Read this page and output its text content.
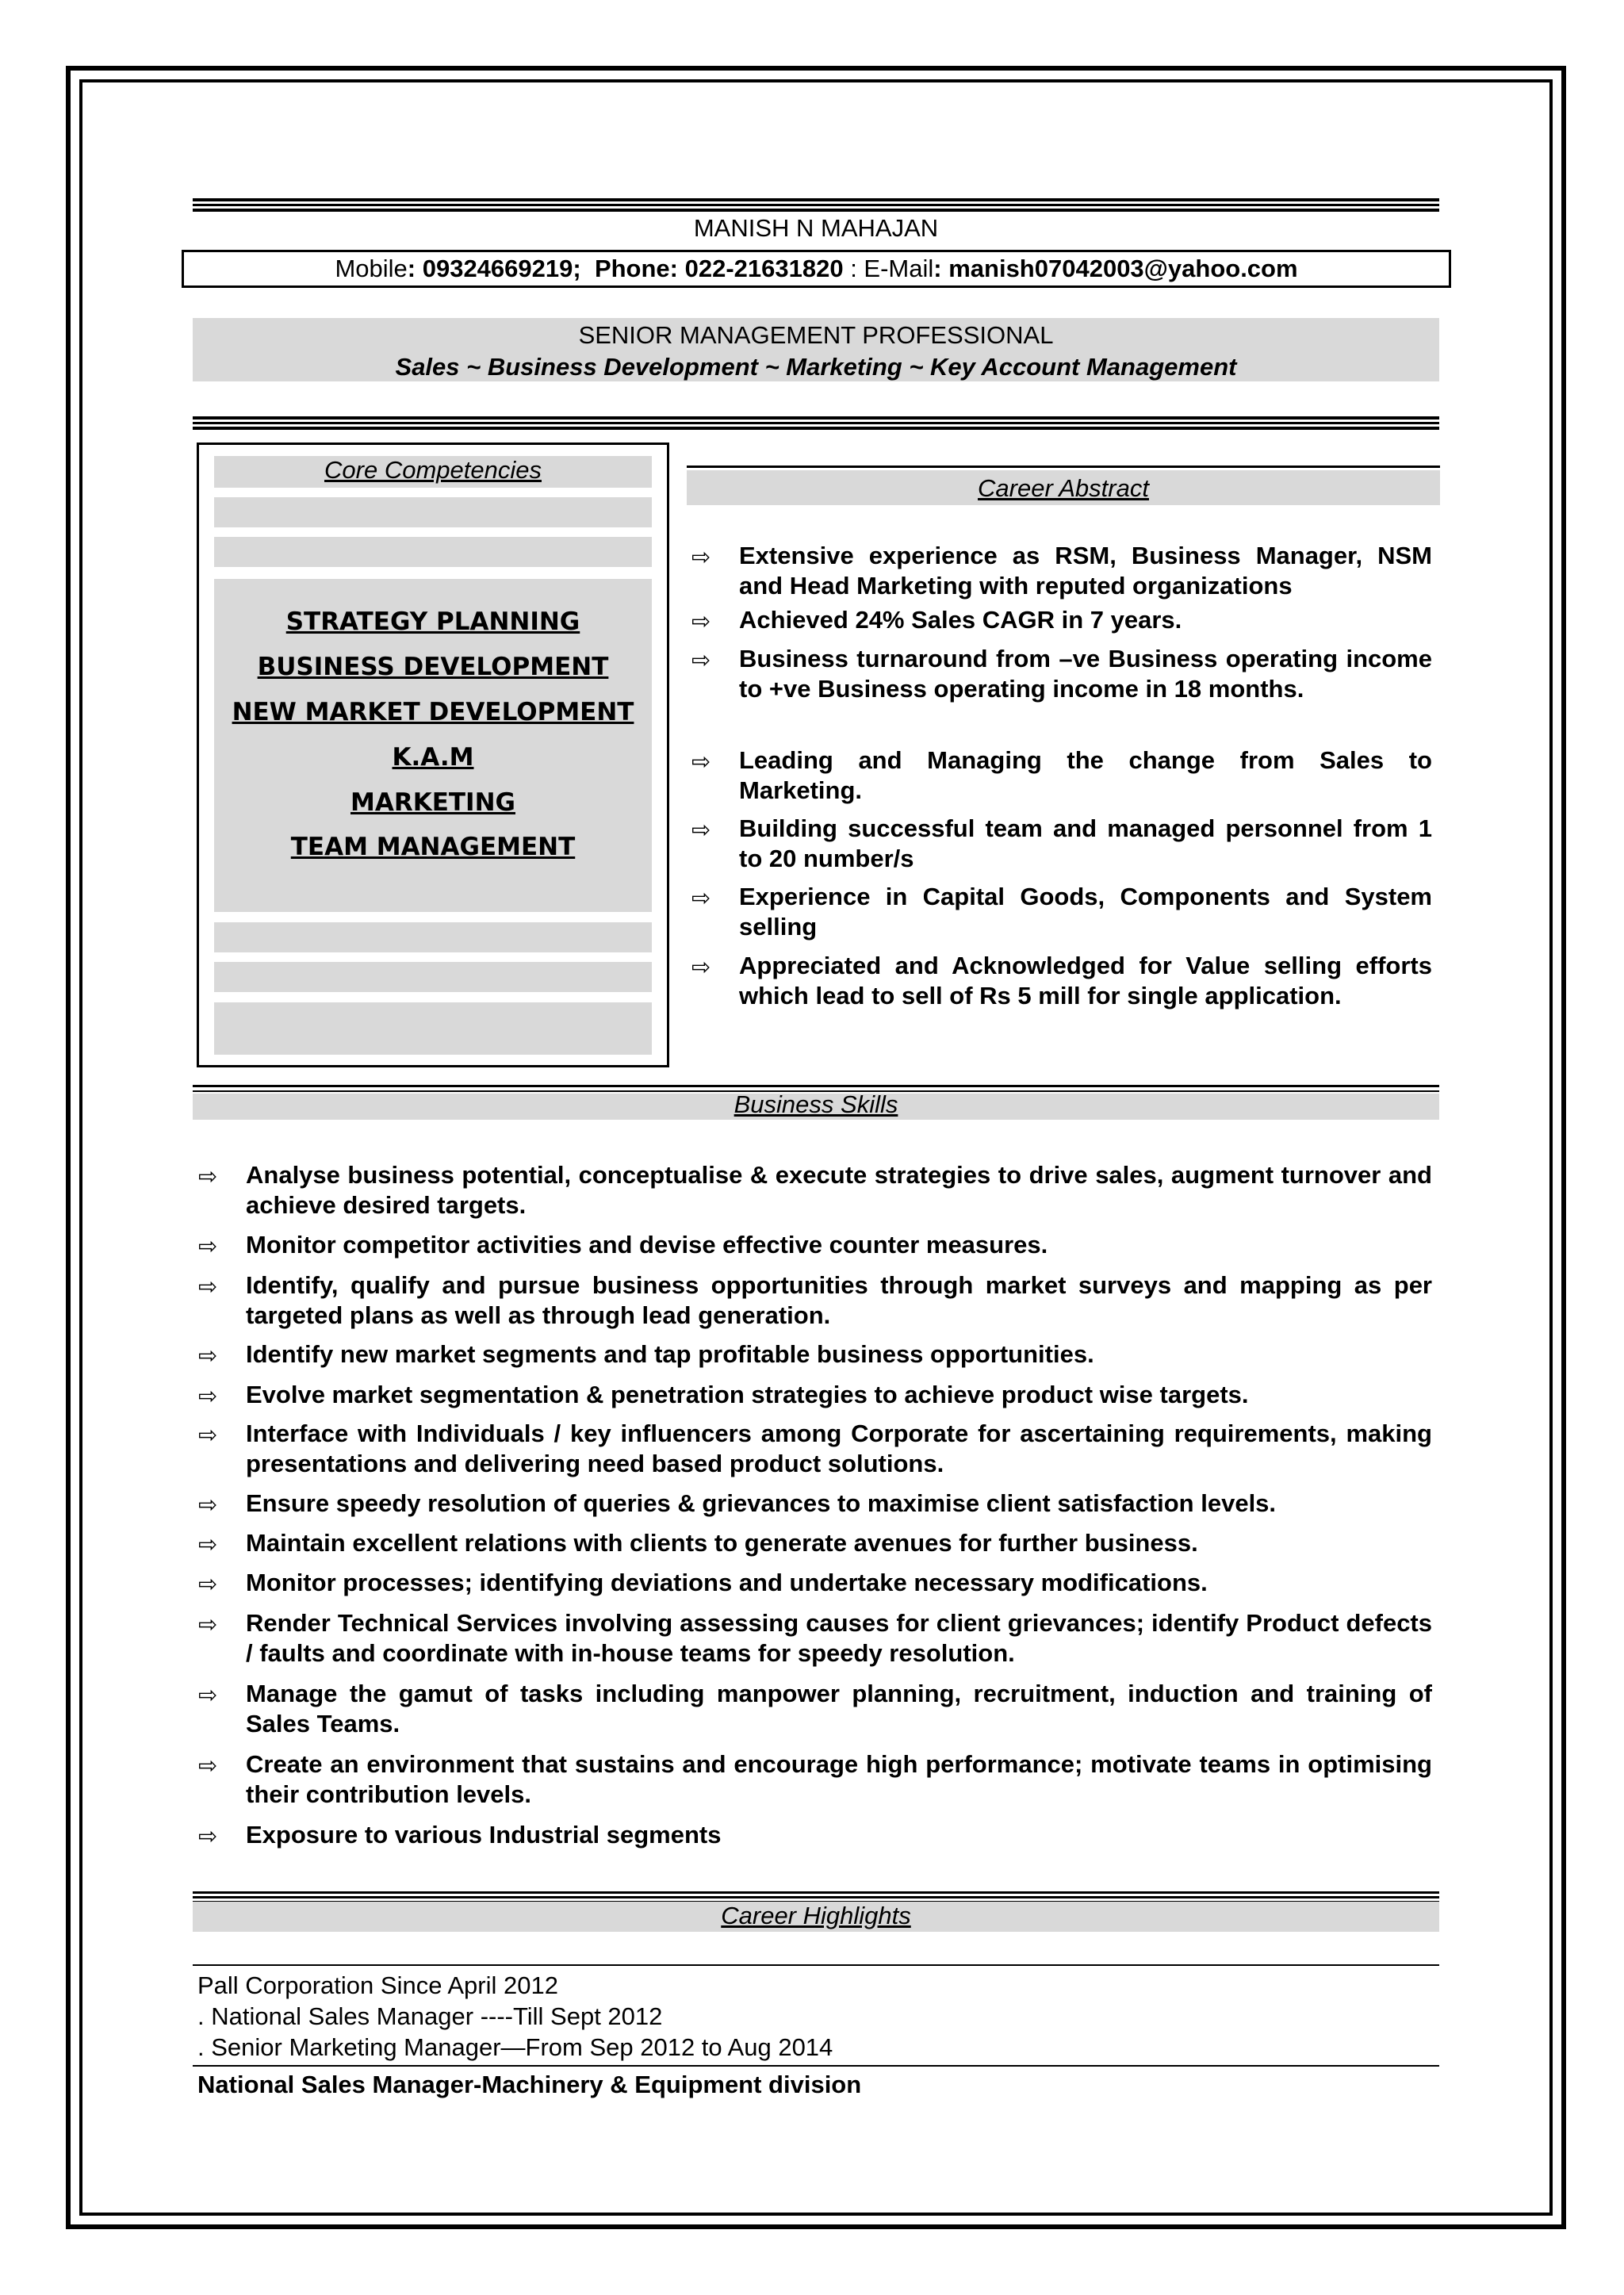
MANISH N MAHAJAN
Mobile: 09324669219; Phone: 022-21631820 : E-Mail: manish07042003@yahoo.com
SENIOR MANAGEMENT PROFESSIONAL
Sales ~ Business Development ~ Marketing ~ Key Account Management
Core Competencies
STRATEGY PLANNING
BUSINESS DEVELOPMENT
NEW MARKET DEVELOPMENT
K.A.M
MARKETING
TEAM MANAGEMENT
Career Abstract
⇨ Extensive experience as RSM, Business Manager, NSM and Head Marketing with reputed organizations
⇨ Achieved 24% Sales CAGR in 7 years.
⇨ Business turnaround from –ve Business operating income to +ve Business operating income in 18 months.
⇨ Leading and Managing the change from Sales to Marketing.
⇨ Building successful team and managed personnel from 1 to 20 number/s
⇨ Experience in Capital Goods, Components and System selling
⇨ Appreciated and Acknowledged for Value selling efforts which lead to sell of Rs 5 mill for single application.
Business Skills
⇨ Analyse business potential, conceptualise & execute strategies to drive sales, augment turnover and achieve desired targets.
⇨ Monitor competitor activities and devise effective counter measures.
⇨ Identify, qualify and pursue business opportunities through market surveys and mapping as per targeted plans as well as through lead generation.
⇨ Identify new market segments and tap profitable business opportunities.
⇨ Evolve market segmentation & penetration strategies to achieve product wise targets.
⇨ Interface with Individuals / key influencers among Corporate for ascertaining requirements, making presentations and delivering need based product solutions.
⇨ Ensure speedy resolution of queries & grievances to maximise client satisfaction levels.
⇨ Maintain excellent relations with clients to generate avenues for further business.
⇨ Monitor processes; identifying deviations and undertake necessary modifications.
⇨ Render Technical Services involving assessing causes for client grievances; identify Product defects / faults and coordinate with in-house teams for speedy resolution.
⇨ Manage the gamut of tasks including manpower planning, recruitment, induction and training of Sales Teams.
⇨ Create an environment that sustains and encourage high performance; motivate teams in optimising their contribution levels.
⇨ Exposure to various Industrial segments
Career Highlights
Pall Corporation Since April 2012
. National Sales Manager ----Till Sept 2012
. Senior Marketing Manager—From Sep 2012 to Aug 2014
National Sales Manager-Machinery & Equipment division
